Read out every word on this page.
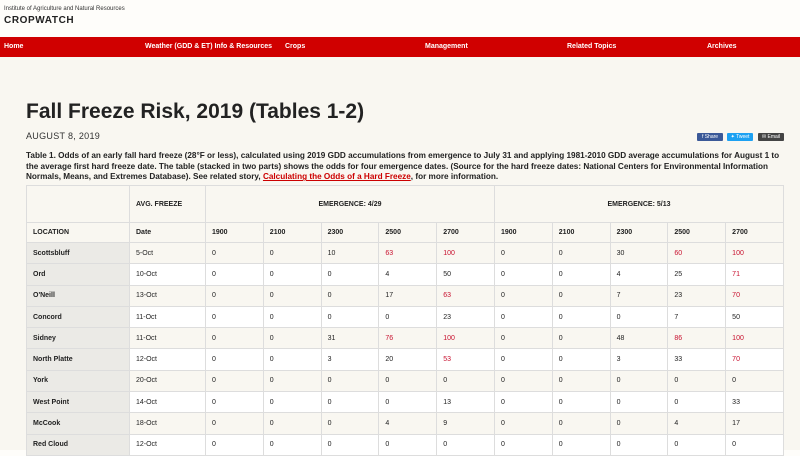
Institute of Agriculture and Natural Resources
CROPWATCH
Home	Weather (GDD & ET) Info & Resources Crops	Management	Related Topics	Archives
Fall Freeze Risk, 2019 (Tables 1-2)
AUGUST 8, 2019	f Share	✦ Tweet	✉ Email

Table 1. Odds of an early fall hard freeze (28°F or less), calculated using 2019 GDD accumulations from emergence to July 31 and applying 1981-2010 GDD average accumulations for August 1 to the average first hard freeze date. The table (stacked in two parts) shows the odds for four emergence dates. (Source for the hard freeze dates: National Centers for Environmental Information Normals, Means, and Extremes Database). See related story, Calculating the Odds of a Hard Freeze, for more information.

	AVG. FREEZE	EMERGENCE: 4/29					EMERGENCE: 5/13				
LOCATION	Date	1900	2100	2300	2500	2700	1900	2100	2300	2500	2700
Scottsbluff	5-Oct	0	0	10	63	100	0	0	30	60	100
Ord	10-Oct	0	0	0	4	50	0	0	4	25	71
O'Neill	13-Oct	0	0	0	17	63	0	0	7	23	70
Concord	11-Oct	0	0	0	0	23	0	0	0	7	50
Sidney	11-Oct	0	0	31	76	100	0	0	48	86	100
North Platte	12-Oct	0	0	3	20	53	0	0	3	33	70
York	20-Oct	0	0	0	0	0	0	0	0	0	0
West Point	14-Oct	0	0	0	0	13	0	0	0	0	33
McCook	18-Oct	0	0	0	4	9	0	0	0	4	17
Red Cloud	12-Oct	0	0	0	0	0	0	0	0	0	0
